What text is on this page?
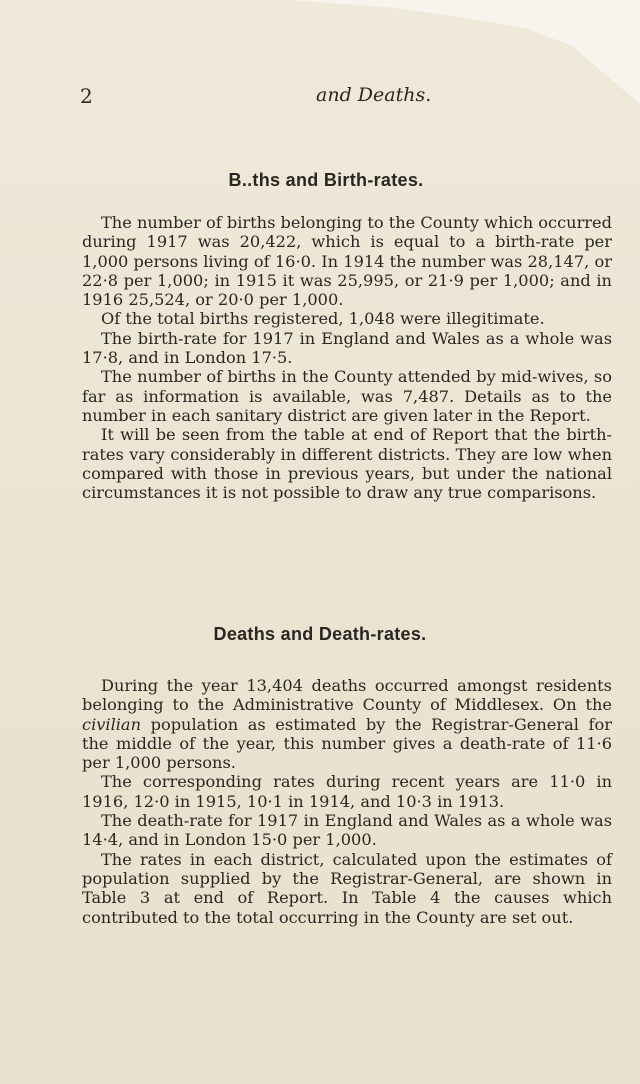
2	and Deaths.
B..ths and Birth-rates.

The number of births belonging to the County which occurred during 1917 was 20,422, which is equal to a birth-rate per 1,000 persons living of 16·0. In 1914 the number was 28,147, or 22·8 per 1,000; in 1915 it was 25,995, or 21·9 per 1,000; and in 1916 25,524, or 20·0 per 1,000.

Of the total births registered, 1,048 were illegitimate.

The birth-rate for 1917 in England and Wales as a whole was 17·8, and in London 17·5.

The number of births in the County attended by mid-wives, so far as information is available, was 7,487. Details as to the number in each sanitary district are given later in the Report.

It will be seen from the table at end of Report that the birth-rates vary considerably in different districts. They are low when compared with those in previous years, but under the national circumstances it is not possible to draw any true comparisons.

Deaths and Death-rates.

During the year 13,404 deaths occurred amongst residents belonging to the Administrative County of Middlesex. On the civilian population as estimated by the Registrar-General for the middle of the year, this number gives a death-rate of 11·6 per 1,000 persons.

The corresponding rates during recent years are 11·0 in 1916, 12·0 in 1915, 10·1 in 1914, and 10·3 in 1913.

The death-rate for 1917 in England and Wales as a whole was 14·4, and in London 15·0 per 1,000.

The rates in each district, calculated upon the estimates of population supplied by the Registrar-General, are shown in Table 3 at end of Report. In Table 4 the causes which contributed to the total occurring in the County are set out.
